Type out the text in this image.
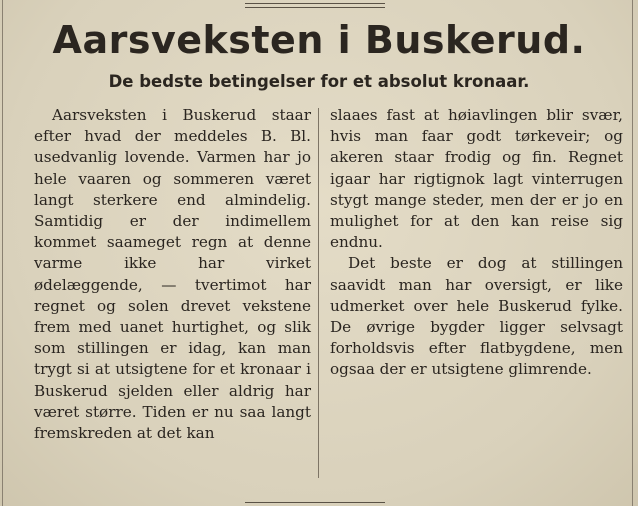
Aarsveksten i Buskerud.
De bedste betingelser for et absolut kronaar.

Aarsveksten i Buskerud staar efter hvad der meddeles B. Bl. usedvanlig lovende. Varmen har jo hele vaaren og sommeren været langt sterkere end almindelig. Samtidig er der indimellem kommet saameget regn at denne varme ikke har virket ødelæggende, — tvertimot har regnet og solen drevet vekstene frem med uanet hurtighet, og slik som stillingen er idag, kan man trygt si at utsigtene for et kronaar i Buskerud sjelden eller aldrig har været større. Tiden er nu saa langt fremskreden at det kan

slaaes fast at høiavlingen blir svær, hvis man faar godt tørkeveir; og akeren staar frodig og fin. Regnet igaar har rigtignok lagt vinterrugen stygt mange steder, men der er jo en mulighet for at den kan reise sig endnu.

Det beste er dog at stillingen saavidt man har oversigt, er like udmerket over hele Buskerud fylke. De øvrige bygder ligger selvsagt forholdsvis efter flatbygdene, men ogsaa der er utsigtene glimrende.
